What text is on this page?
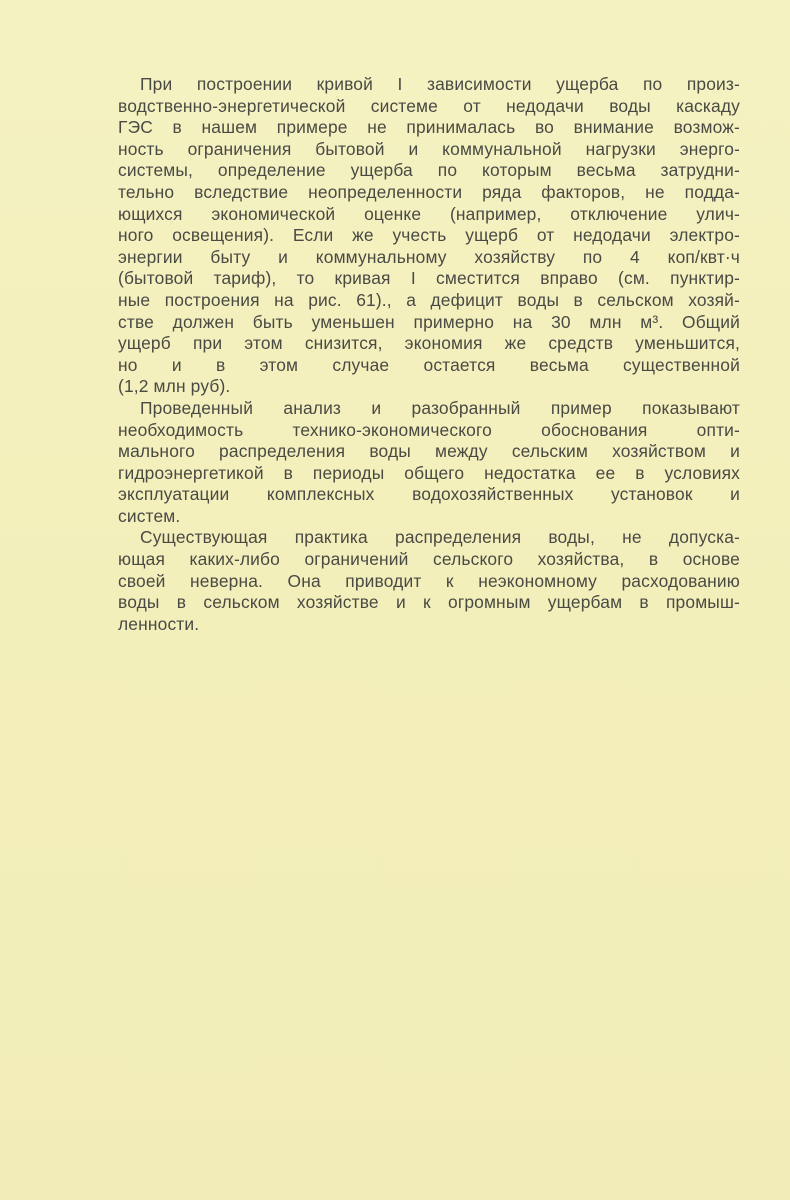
При построении кривой I зависимости ущерба по произ-
водственно-энергетической системе от недодачи воды каскаду
ГЭС в нашем примере не принималась во внимание возмож-
ность ограничения бытовой и коммунальной нагрузки энерго-
системы, определение ущерба по которым весьма затрудни-
тельно вследствие неопределенности ряда факторов, не подда-
ющихся экономической оценке (например, отключение улич-
ного освещения). Если же учесть ущерб от недодачи электро-
энергии быту и коммунальному хозяйству по 4 коп/квт·ч
(бытовой тариф), то кривая I сместится вправо (см. пунктир-
ные построения на рис. 61)., а дефицит воды в сельском хозяй-
стве должен быть уменьшен примерно на 30 млн м³. Общий
ущерб при этом снизится, экономия же средств уменьшится,
но и в этом случае остается весьма существенной
(1,2 млн руб).
Проведенный анализ и разобранный пример показывают
необходимость технико-экономического обоснования опти-
мального распределения воды между сельским хозяйством и
гидроэнергетикой в периоды общего недостатка ее в условиях
эксплуатации комплексных водохозяйственных установок и
систем.
Существующая практика распределения воды, не допуска-
ющая каких-либо ограничений сельского хозяйства, в основе
своей неверна. Она приводит к неэкономному расходованию
воды в сельском хозяйстве и к огромным ущербам в промыш-
ленности.
